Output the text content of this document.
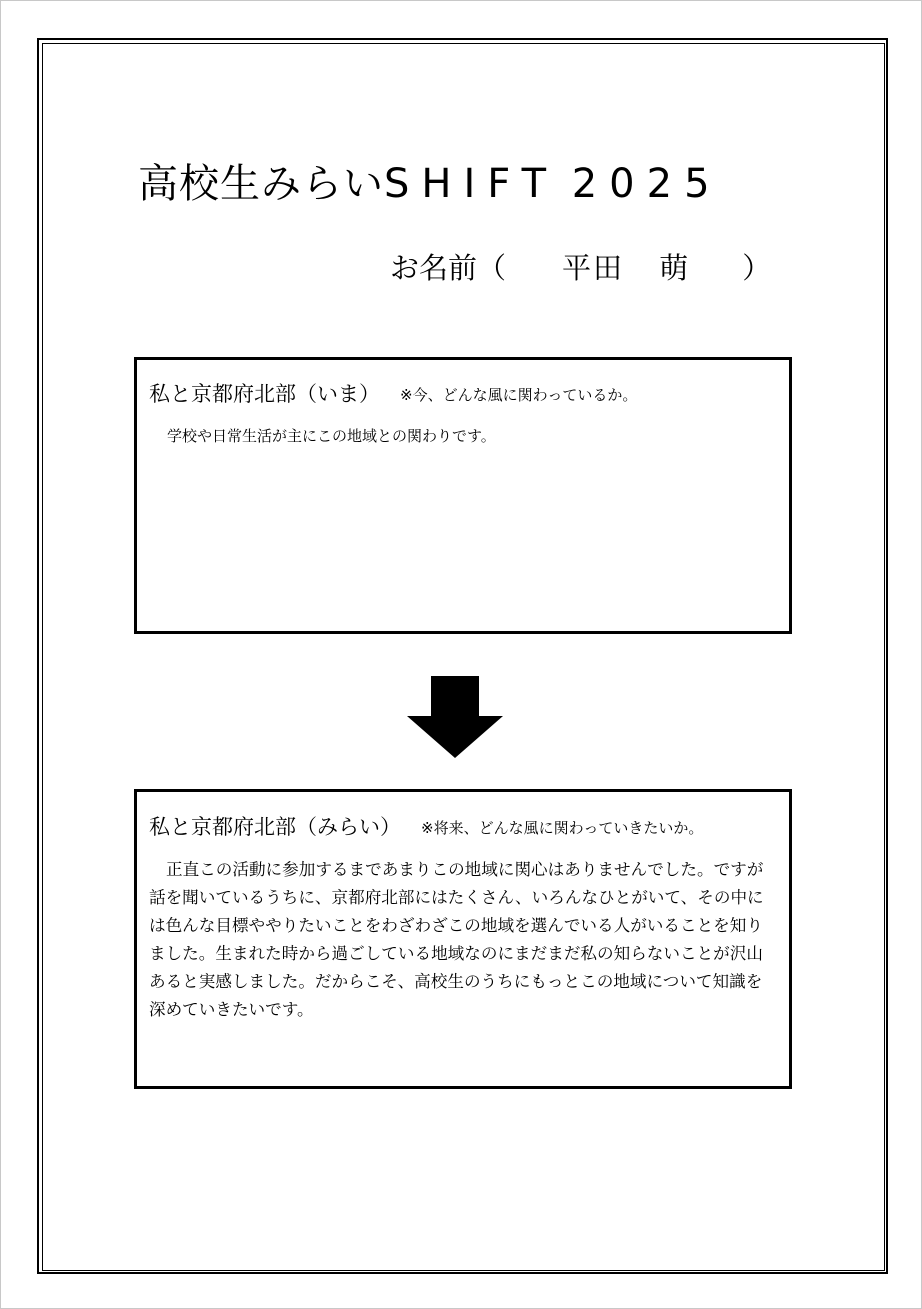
高校生みらいSHIFT 2025
お名前（ 平田 萌 ）
私と京都府北部（いま） ※今、どんな風に関わっているか。
学校や日常生活が主にこの地域との関わりです。
私と京都府北部（みらい） ※将来、どんな風に関わっていきたいか。
正直この活動に参加するまであまりこの地域に関心はありませんでした。ですが話を聞いているうちに、京都府北部にはたくさん、いろんなひとがいて、その中には色んな目標ややりたいことをわざわざこの地域を選んでいる人がいることを知りました。生まれた時から過ごしている地域なのにまだまだ私の知らないことが沢山あると実感しました。だからこそ、高校生のうちにもっとこの地域について知識を深めていきたいです。
